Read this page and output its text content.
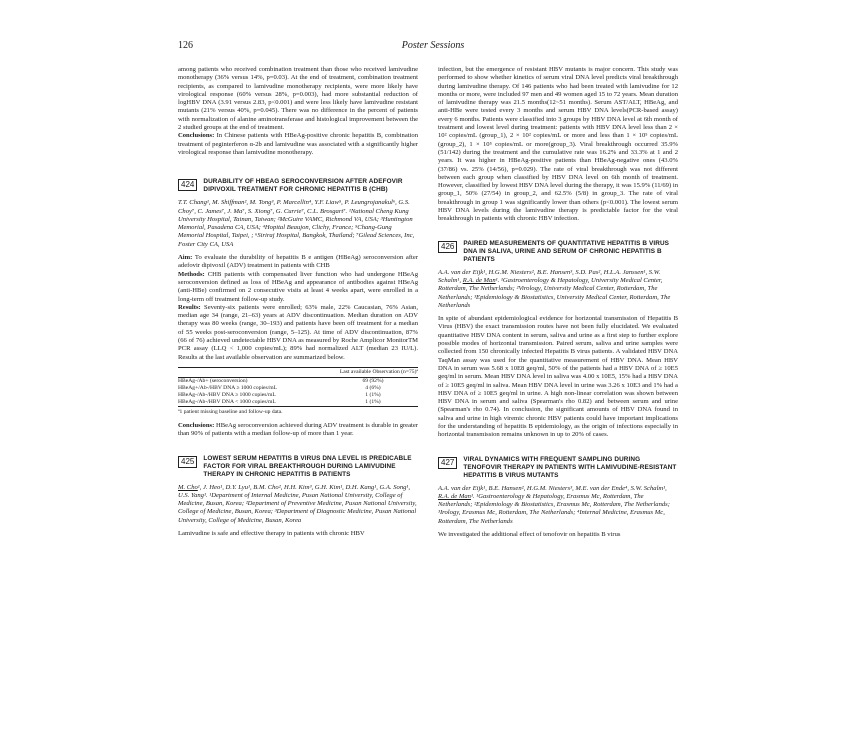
126	Poster Sessions

among patients who received combination treatment than those who received lamivudine monotherapy (36% versus 14%, p=0.03). At the end of treatment, combination treatment recipients, as compared to lamivudine monotherapy recipients, were more likely have virological response (60% versus 28%, p=0.003), had more substantial reduction of logHBV DNA (3.91 versus 2.83, p<0.001) and were less likely have lamivudine resistant mutants (21% versus 40%, p=0.045). There was no difference in the percent of patients with normalization of alanine aminotransferase and histological improvement between the 2 studied groups at the end of treatment.

Conclusions: In Chinese patients with HBeAg-positive chronic hepatitis B, combination treatment of peginterferon α-2b and lamivudine was associated with a significantly higher virological response than lamivudine monotherapy.

424	DURABILITY OF HBEAG SEROCONVERSION AFTER ADEFOVIR DIPIVOXIL TREATMENT FOR CHRONIC HEPATITIS B (CHB)

T.T. Chang¹, M. Shiffman², M. Tong³, P. Marcellin⁴, Y.F. Liaw⁵, P. Leungrojanakul⁶, G.S. Choy⁷, C. James⁷, J. Ma⁷, S. Xiong⁷, G. Currie⁷, C.L. Brosgart⁷. ¹National Cheng Kung University Hospital, Tainan, Taiwan; ²McGuire VAMC, Richmond VA, USA; ³Huntington Memorial, Pasadena CA, USA; ⁴Hopital Beaujon, Clichy, France; ⁵Chang-Gung Memorial Hospital, Taipei, ; ⁶Siriraj Hospital, Bangkok, Thailand; ⁷Gilead Sciences, Inc, Foster City CA, USA

Aim: To evaluate the durability of hepatitis B e antigen (HBeAg) seroconversion after adefovir dipivoxil (ADV) treatment in patients with CHB

Methods: CHB patients with compensated liver function who had undergone HBeAg seroconversion defined as loss of HBeAg and appearance of antibodies against HBeAg (anti-HBe) confirmed on 2 consecutive visits at least 4 weeks apart, were enrolled in a long-term off treatment follow-up study.

Results: Seventy-six patients were enrolled; 63% male, 22% Caucasian, 76% Asian, median age 34 (range, 21–63) years at ADV discontinuation. Median duration on ADV therapy was 80 weeks (range, 30–193) and patients have been off treatment for a median of 55 weeks post-seroconversion (range, 5–125). At time of ADV discontinuation, 87% (66 of 76) achieved undetectable HBV DNA as measured by Roche Amplicor MonitorTM PCR assay (LLQ < 1,000 copies/mL); 89% had normalized ALT (median 23 IU/L). Results at the last available observation are summarized below.

Last available Observation (n=75)ª	
HBeAg-/Ab+ (seroconversion)	69 (92%)
HBeAg+/Ab-/HBV DNA ≥ 1000 copies/mL	4 (6%)
HBeAg-/Ab-/HBV DNA ≥ 1000 copies/mL	1 (1%)
HBeAg-/Ab-/HBV DNA < 1000 copies/mL	1 (1%)

ª1 patient missing baseline and follow-up data.

Conclusions: HBeAg seroconversion achieved during ADV treatment is durable in greater than 90% of patients with a median follow-up of more than 1 year.

425	LOWEST SERUM HEPATITIS B VIRUS DNA LEVEL IS PREDICABLE FACTOR FOR VIRAL BREAKTHROUGH DURING LAMIVUDINE THERAPY IN CHRONIC HEPATITIS B PATIENTS

M. Cho¹, J. Heo¹, D.Y. Lyu¹, B.M. Cho², H.H. Kim³, G.H. Kim¹, D.H. Kang¹, G.A. Song¹, U.S. Yang¹. ¹Department of Internal Medicine, Pusan National University, College of Medicine, Busan, Korea; ²Department of Preventive Medicine, Pusan National University, College of Medicine, Busan, Korea; ³Department of Diagnostic Medicine, Pusan National University, College of Medicine, Busan, Korea

Lamivudine is safe and effective therapy in patients with chronic HBV

infection, but the emergence of resistant HBV mutants is major concern. This study was performed to show whether kinetics of serum viral DNA level predicts viral breakthrough during lamivudine therapy. Of 146 patients who had been treated with lamivudine for 12 months or more, were included 97 men and 49 women aged 15 to 72 years. Mean duration of lamivudine therapy was 21.5 months(12~51 months). Serum AST/ALT, HBeAg, and anti-HBe were tested every 3 months and serum HBV DNA levels(PCR-based assay) every 6 months. Patients were classified into 3 groups by HBV DNA level at 6th month of treatment and lowest level during treatment: patients with HBV DNA level less than 2 × 10² copies/mL (group_1), 2 × 10² copies/mL or more and less than 1 × 10⁵ copies/mL (group_2), 1 × 10⁵ copies/mL or more(group_3). Viral breakthrough occurred 35.9% (51/142) during the treatment and the cumulative rate was 16.2% and 33.3% at 1 and 2 years. It was higher in HBeAg-positive patients than HBeAg-negative ones (43.0% (37/86) vs. 25% (14/56), p=0.029). The rate of viral breakthrough was not different between each group when classified by HBV DNA level on 6th month of treatment. However, classified by lowest HBV DNA level during the therapy, it was 15.9% (11/69) in group_1, 50% (27/54) in group_2, and 62.5% (5/8) in group_3. The rate of viral breakthrough in group 1 was significantly lower than others (p<0.001). The lowest serum HBV DNA levels during the lamivudine therapy is predictable factor for the viral breakthrough in patients with chronic HBV infection.

426	PAIRED MEASUREMENTS OF QUANTITATIVE HEPATITIS B VIRUS DNA IN SALIVA, URINE AND SERUM OF CHRONIC HEPATITIS B PATIENTS

A.A. van der Eijk¹, H.G.M. Niesters², B.E. Hansen³, S.D. Pas², H.L.A. Janssen¹, S.W. Schalm¹, R.A. de Man¹. ¹Gastroenterology & Hepatology, University Medical Center, Rotterdam, The Netherlands; ²Virology, University Medical Center, Rotterdam, The Netherlands; ³Epidemiology & Biostatistics, University Medical Center, Rotterdam, The Netherlands

In spite of abundant epidemiological evidence for horizontal transmission of Hepatitis B Virus (HBV) the exact transmission routes have not been fully elucidated. We evaluated quantitative HBV DNA content in serum, saliva and urine as a first step to further explore possible modes of horizontal transmission. Paired serum, saliva and urine samples were collected from 150 chronically infected Hepatitis B virus patients. A validated HBV DNA TaqMan assay was used for the quantitative measurement of HBV DNA. Mean HBV DNA in serum was 5.68 x 10E8 geq/ml, 50% of the patients had a HBV DNA of ≥ 10E5 geq/ml in serum. Mean HBV DNA level in saliva was 4.00 x 10E5, 15% had a HBV DNA of ≥ 10E5 geq/ml in saliva. Mean HBV DNA level in urine was 3.26 x 10E3 and 1% had a HBV DNA of ≥ 10E5 geq/ml in urine. A high non-linear correlation was shown between HBV DNA in serum and saliva (Spearman's rho 0.82) and between serum and urine (Spearman's rho 0.74). In conclusion, the significant amounts of HBV DNA found in saliva and urine in high viremic chronic HBV patients could have important implications for the understanding of hepatitis B epidemiology, as the origin of infections especially in horizontal transmission remains unknown in up to 20% of cases.

427	VIRAL DYNAMICS WITH FREQUENT SAMPLING DURING TENOFOVIR THERAPY IN PATIENTS WITH LAMIVUDINE-RESISTANT HEPATITIS B VIRUS MUTANTS

A.A. van der Eijk¹, B.E. Hansen², H.G.M. Niesters³, M.E. van der Ende⁴, S.W. Schalm¹, R.A. de Man¹. ¹Gastroenterology & Hepatology, Erasmus Mc, Rotterdam, The Netherlands; ²Epidemiology & Biostatistics, Erasmus Mc, Rotterdam, The Netherlands; ³Irology, Erasmus Mc, Rotterdam, The Netherlands; ⁴Internal Medicine, Erasmus Mc, Rotterdam, The Netherlands

We investigated the additional effect of tenofovir on hepatitis B virus
